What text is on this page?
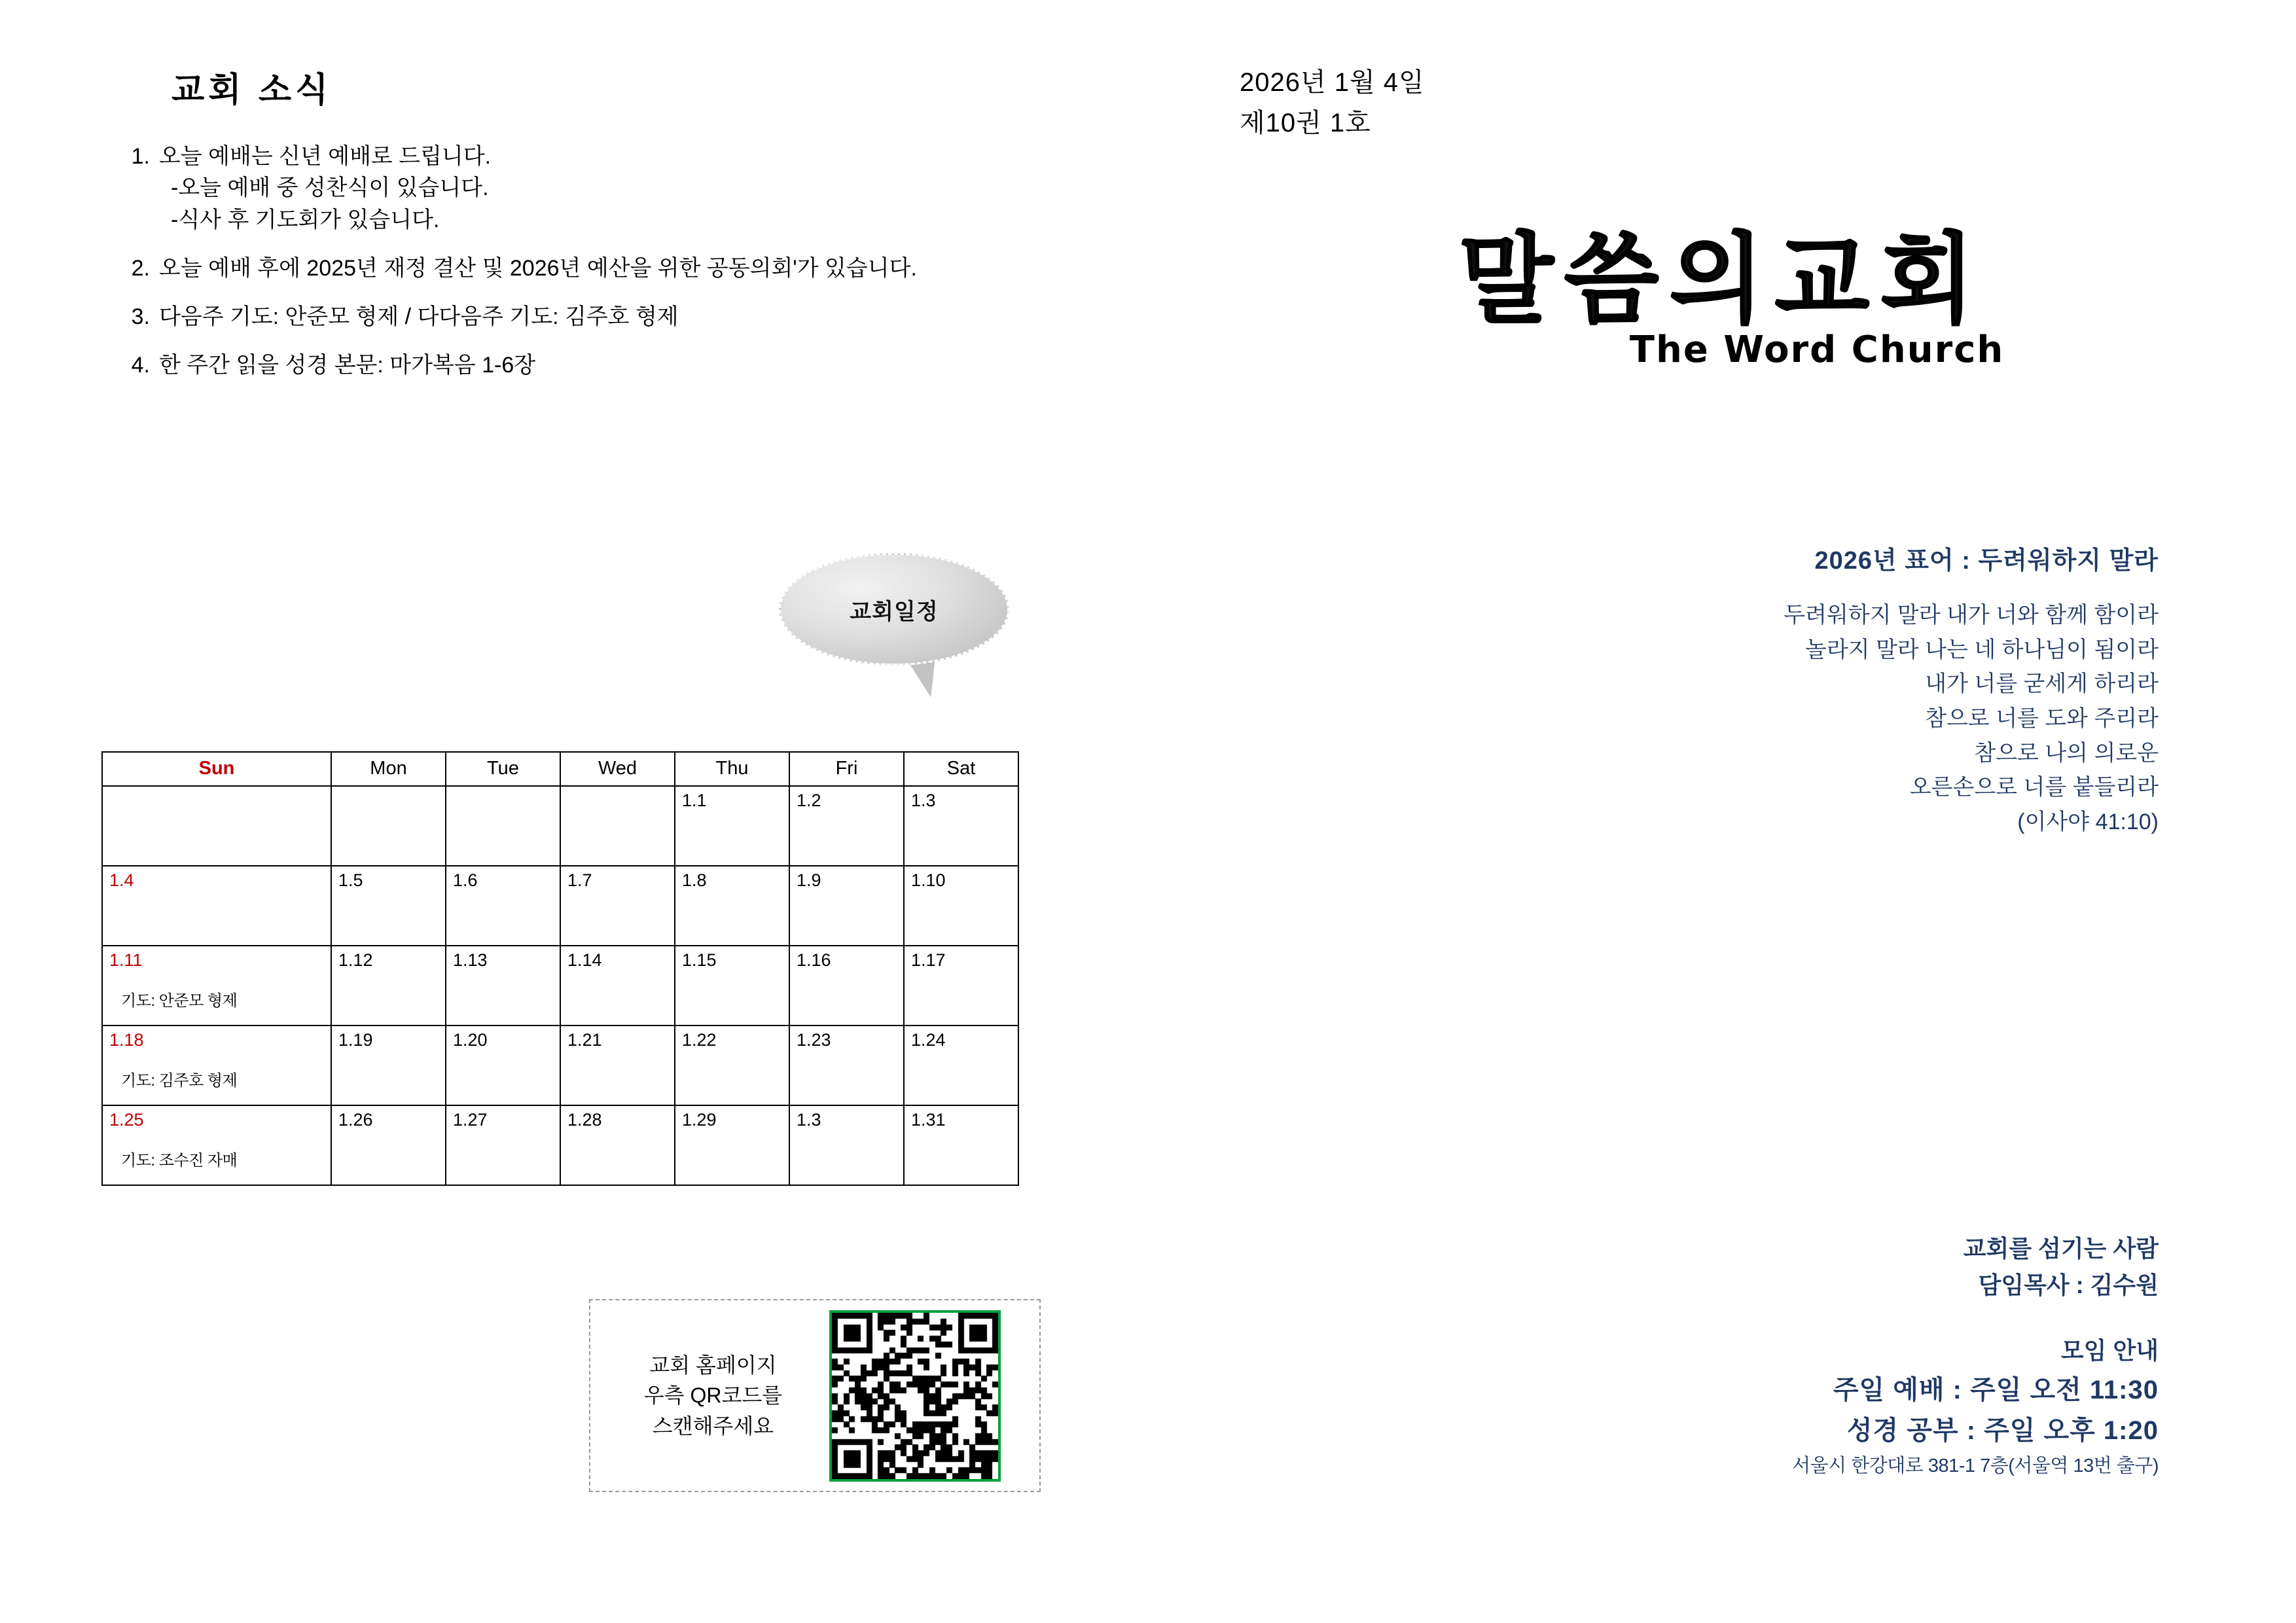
교회 소식
1. 오늘 예배는 신년 예배로 드립니다.
-오늘 예배 중 성찬식이 있습니다.
-식사 후 기도회가 있습니다.
2. 오늘 예배 후에 2025년 재정 결산 및 2026년 예산을 위한 공동의회'가 있습니다.
3. 다음주 기도: 안준모 형제 / 다다음주 기도: 김주호 형제
4. 한 주간 읽을 성경 본문: 마가복음 1-6장
교회일정
Sun	Mon	Tue	Wed	Thu	Fri	Sat

				1.1	1.2	1.3

1.4	1.5	1.6	1.7	1.8	1.9	1.10

1.11
기도: 안준모 형제	1.12	1.13	1.14	1.15	1.16	1.17

1.18
기도: 김주호 형제	1.19	1.20	1.21	1.22	1.23	1.24

1.25
기도: 조수진 자매	1.26	1.27	1.28	1.29	1.3	1.31
교회 홈페이지
우측 QR코드를
스캔해주세요
2026년 1월 4일
제10권 1호
말씀의교회
The Word Church
2026년 표어 : 두려워하지 말라
두려워하지 말라 내가 너와 함께 함이라
놀라지 말라 나는 네 하나님이 됨이라
내가 너를 굳세게 하리라
참으로 너를 도와 주리라
참으로 나의 의로운
오른손으로 너를 붙들리라
(이사야 41:10)
교회를 섬기는 사람
담임목사 : 김수원
모임 안내
주일 예배 : 주일 오전 11:30
성경 공부 : 주일 오후 1:20
서울시 한강대로 381-1 7층(서울역 13번 출구)
